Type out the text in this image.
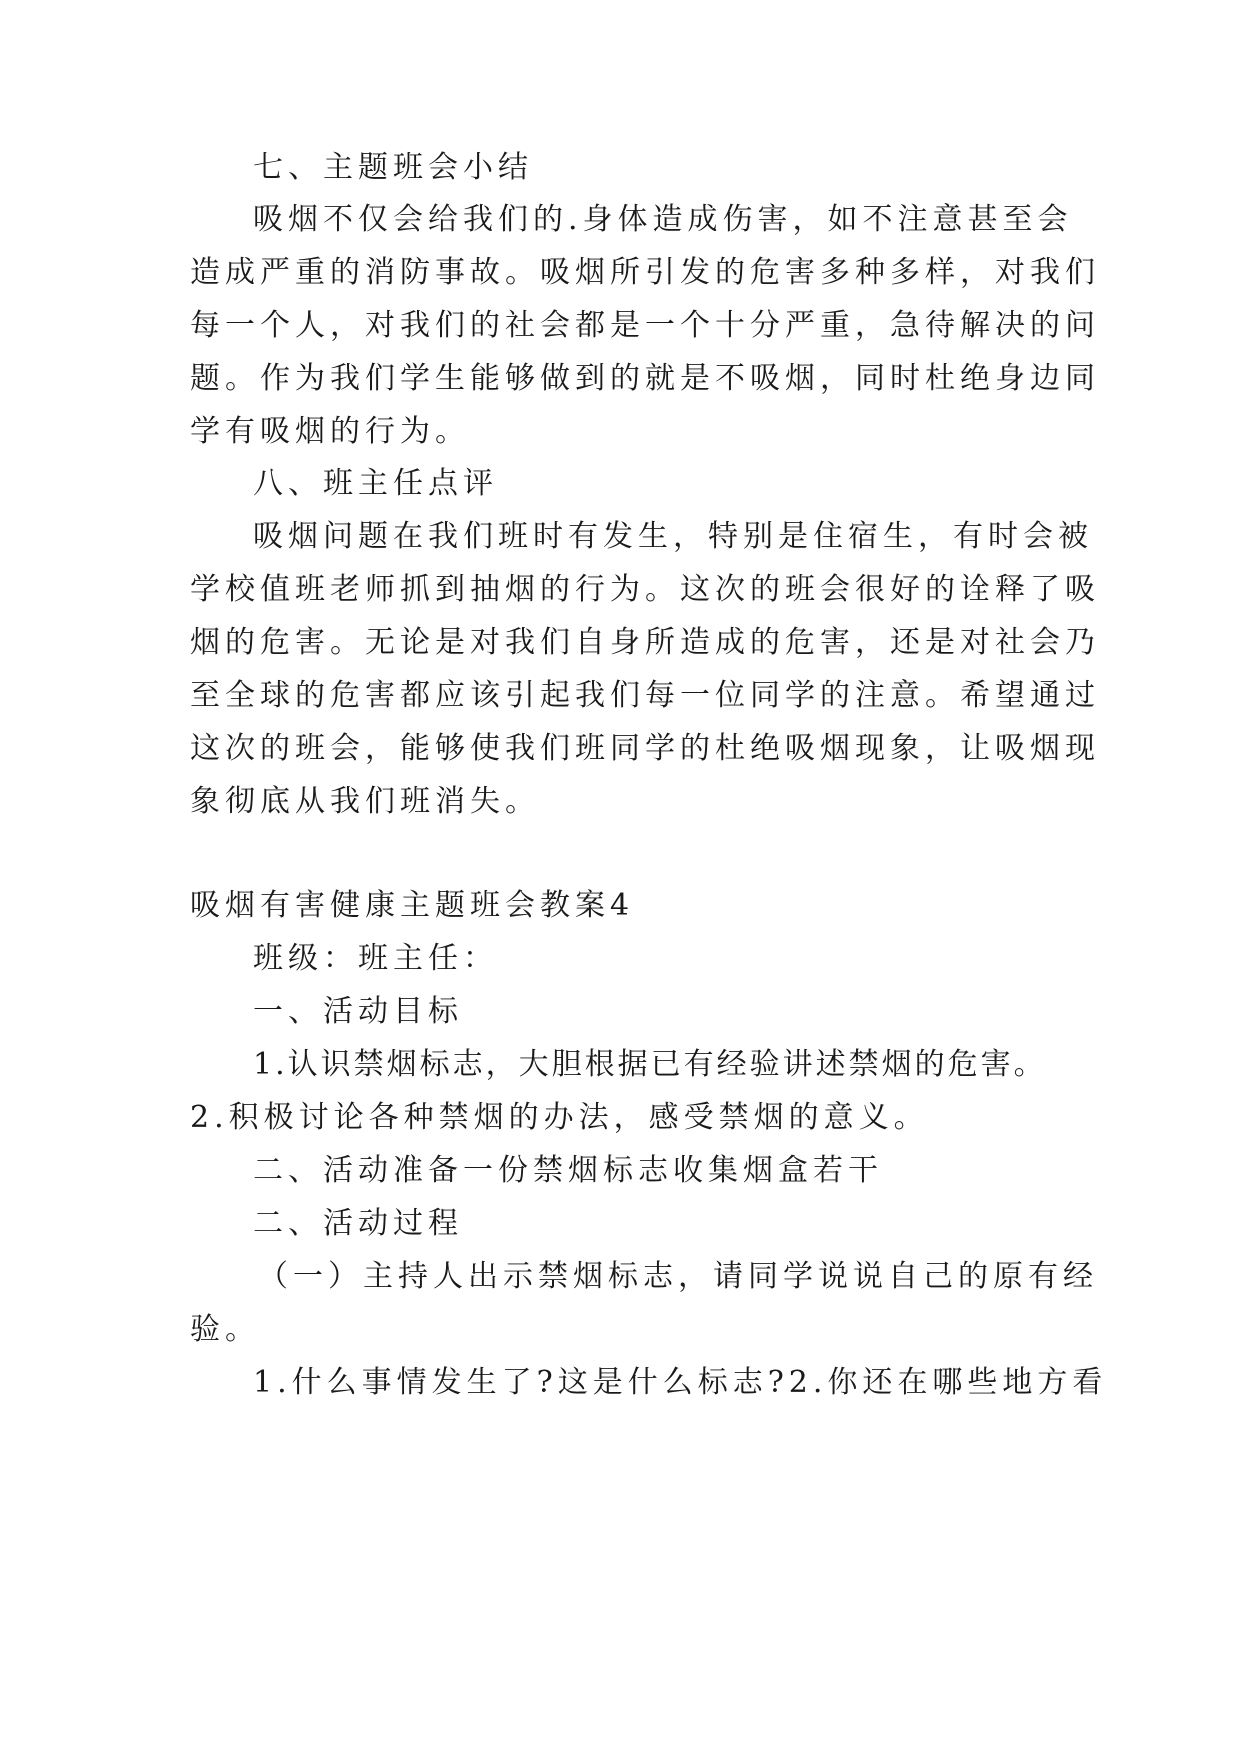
七、主题班会小结
吸烟不仅会给我们的.身体造成伤害，如不注意甚至会
造成严重的消防事故。吸烟所引发的危害多种多样，对我们
每一个人，对我们的社会都是一个十分严重，急待解决的问
题。作为我们学生能够做到的就是不吸烟，同时杜绝身边同
学有吸烟的行为。
八、班主任点评
吸烟问题在我们班时有发生，特别是住宿生，有时会被
学校值班老师抓到抽烟的行为。这次的班会很好的诠释了吸
烟的危害。无论是对我们自身所造成的危害，还是对社会乃
至全球的危害都应该引起我们每一位同学的注意。希望通过
这次的班会，能够使我们班同学的杜绝吸烟现象，让吸烟现
象彻底从我们班消失。
吸烟有害健康主题班会教案4
班级：班主任：
一、活动目标
1.认识禁烟标志，大胆根据已有经验讲述禁烟的危害。
2.积极讨论各种禁烟的办法，感受禁烟的意义。
二、活动准备一份禁烟标志收集烟盒若干
二、活动过程
（一）主持人出示禁烟标志，请同学说说自己的原有经
验。
1.什么事情发生了?这是什么标志?2.你还在哪些地方看
